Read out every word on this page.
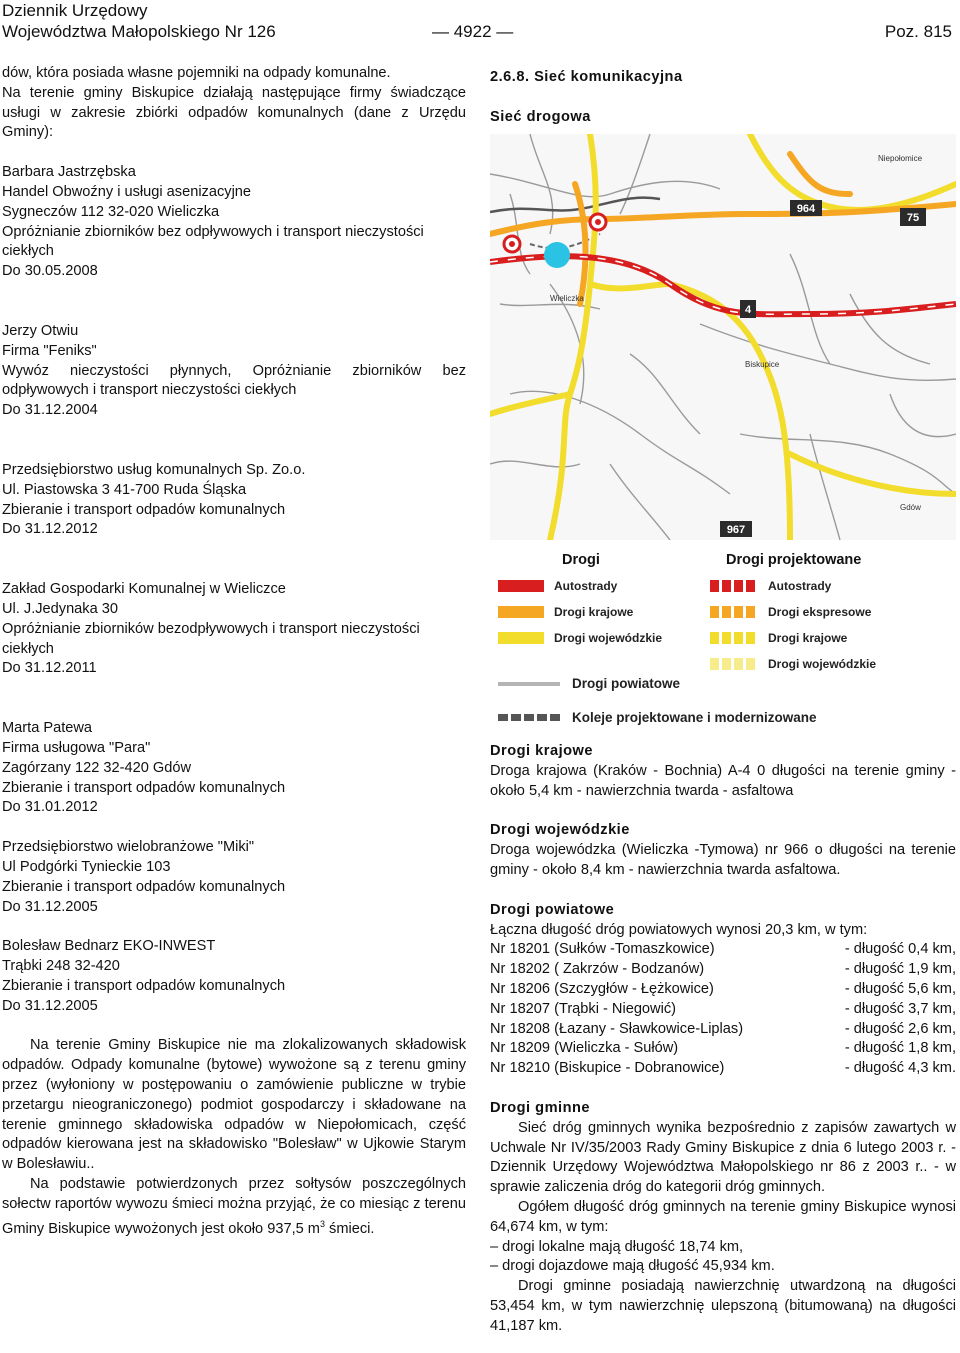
Dziennik Urzędowy
Województwa Małopolskiego Nr 126	— 4922 —	Poz. 815

dów, która posiada własne pojemniki na odpady komunalne.

Na terenie gminy Biskupice działają następujące firmy świadczące usługi w zakresie zbiórki odpadów komunalnych (dane z Urzędu Gminy):

Barbara Jastrzębska

Handel Obwoźny i usługi asenizacyjne

Sygneczów 112 32-020 Wieliczka

Opróżnianie zbiorników bez odpływowych i transport nieczystości ciekłych

Do 30.05.2008

Jerzy Otwiu

Firma "Feniks"

Wywóz nieczystości płynnych, Opróżnianie zbiorników bez odpływowych i transport nieczystości ciekłych

Do 31.12.2004

Przedsiębiorstwo usług komunalnych Sp. Zo.o.

Ul. Piastowska 3 41-700 Ruda Śląska

Zbieranie i transport odpadów komunalnych

Do 31.12.2012

Zakład Gospodarki Komunalnej w Wieliczce

Ul. J.Jedynaka 30

Opróżnianie zbiorników bezodpływowych i transport nieczystości ciekłych

Do 31.12.2011

Marta Patewa

Firma usługowa "Para"

Zagórzany 122 32-420 Gdów

Zbieranie i transport odpadów komunalnych

Do 31.01.2012

Przedsiębiorstwo wielobranżowe "Miki"

Ul Podgórki Tynieckie 103

Zbieranie i transport odpadów komunalnych

Do 31.12.2005

Bolesław Bednarz EKO-INWEST

Trąbki 248 32-420

Zbieranie i transport odpadów komunalnych

Do 31.12.2005

Na terenie Gminy Biskupice nie ma zlokalizowanych składowisk odpadów. Odpady komunalne (bytowe) wywożone są z terenu gminy przez (wyłoniony w postępowaniu o zamówienie publiczne w trybie przetargu nieograniczonego) podmiot gospodarczy i składowane na terenie gminnego składowiska odpadów w Niepołomicach, część odpadów kierowana jest na składowisko "Bolesław" w Ujkowie Starym w Bolesławiu..

Na podstawie potwierdzonych przez sołtysów poszczególnych sołectw raportów wywozu śmieci można przyjąć, że co miesiąc z terenu Gminy Biskupice wywożonych jest około 937,5 $m^3$ śmieci.

2.6.8. Sieć komunikacyjna

Sieć drogowa

964
75
4
967
Niepołomice
Wieliczka
Biskupice
Gdów
Drogi	Drogi projektowane
Autostrady
Drogi krajowe
Drogi wojewódzkie
Autostrady
Drogi ekspresowe
Drogi krajowe
Drogi wojewódzkie
Drogi powiatowe
Koleje projektowane i modernizowane

Drogi krajowe

Droga krajowa (Kraków - Bochnia) A-4 0 długości na terenie gminy - około 5,4 km - nawierzchnia twarda - asfaltowa

Drogi wojewódzkie

Droga wojewódzka (Wieliczka -Tymowa) nr 966 o długości na terenie gminy - około 8,4 km - nawierzchnia twarda asfaltowa.

Drogi powiatowe

Łączna długość dróg powiatowych wynosi 20,3 km, w tym:

Nr 18201 (Sułków -Tomaszkowice)	- długość 0,4 km,
Nr 18202 ( Zakrzów - Bodzanów)	- długość 1,9 km,
Nr 18206 (Szczygłów - Łężkowice)	- długość 5,6 km,
Nr 18207 (Trąbki - Niegowić)	- długość 3,7 km,
Nr 18208 (Łazany - Sławkowice-Liplas)	- długość 2,6 km,
Nr 18209 (Wieliczka - Sułów)	- długość 1,8 km,
Nr 18210 (Biskupice - Dobranowice)	- długość 4,3 km.

Drogi gminne

Sieć dróg gminnych wynika bezpośrednio z zapisów zawartych w Uchwale Nr IV/35/2003 Rady Gminy Biskupice z dnia 6 lutego 2003 r. - Dziennik Urzędowy Województwa Małopolskiego nr 86 z 2003 r.. - w sprawie zaliczenia dróg do kategorii dróg gminnych.

Ogółem długość dróg gminnych na terenie gminy Biskupice wynosi 64,674 km, w tym:

– drogi lokalne mają długość 18,74 km,

– drogi dojazdowe mają długość 45,934 km.

Drogi gminne posiadają nawierzchnię utwardzoną na długości 53,454 km, w tym nawierzchnię ulepszoną (bitumowaną) na długości 41,187 km.
